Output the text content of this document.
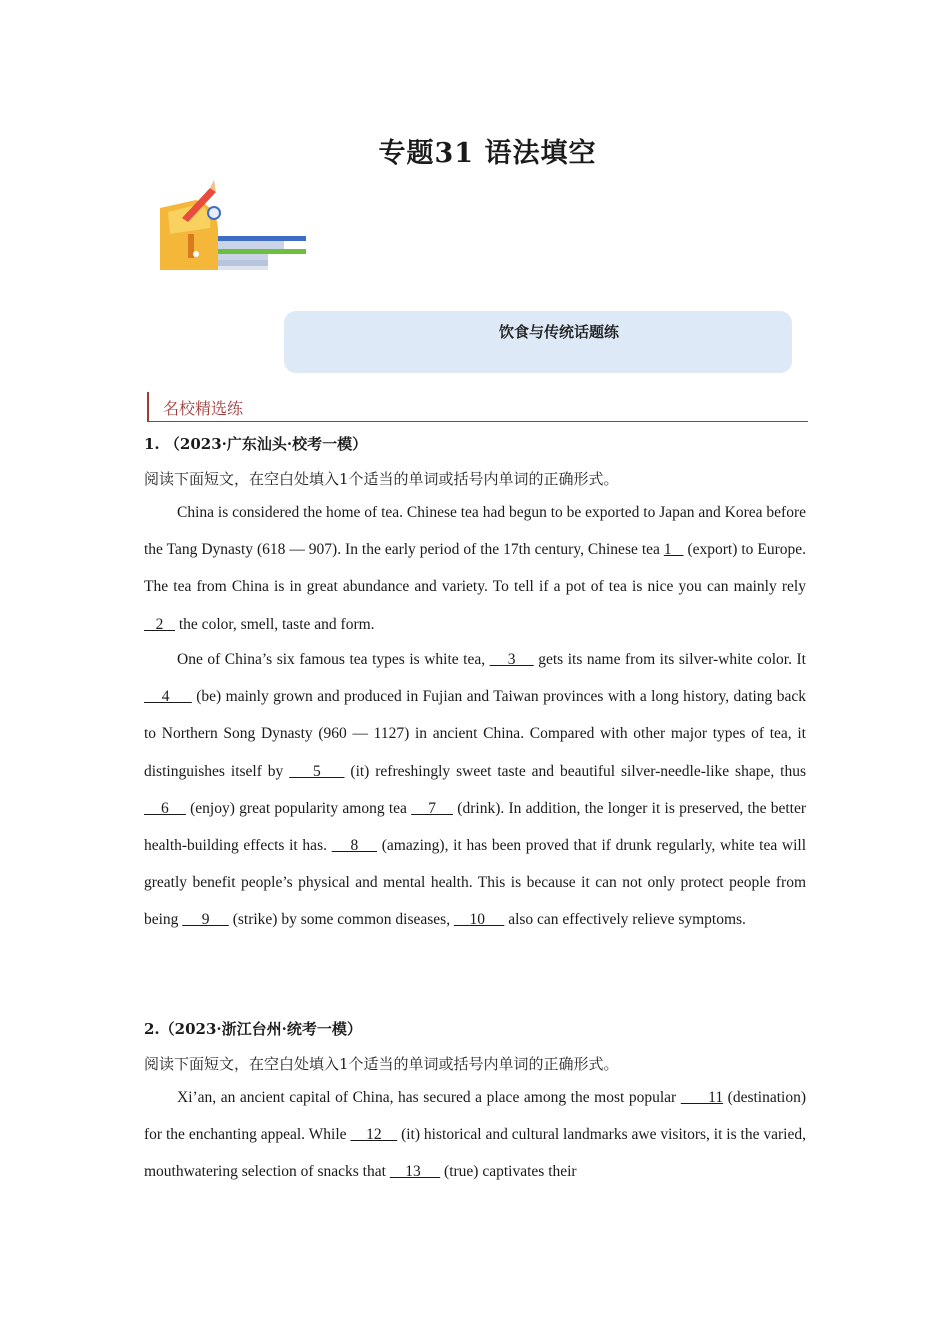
专题31 语法填空
饮食与传统话题练
名校精选练
1. （2023·广东汕头·校考一模）
阅读下面短文，在空白处填入1个适当的单词或括号内单词的正确形式。

China is considered the home of tea. Chinese tea had begun to be exported to Japan and Korea before the Tang Dynasty (618 — 907). In the early period of the 17th century, Chinese tea 1    (export) to Europe. The tea from China is in great abundance and variety. To tell if a pot of tea is nice you can mainly rely    2    the color, smell, taste and form.

One of China’s six famous tea types is white tea,     3     gets its name from its silver-white color. It     4      (be) mainly grown and produced in Fujian and Taiwan provinces with a long history, dating back to Northern Song Dynasty (960 — 1127) in ancient China. Compared with other major types of tea, it distinguishes itself by     5     (it) refreshingly sweet taste and beautiful silver-needle-like shape, thus     6     (enjoy) great popularity among tea     7     (drink). In addition, the longer it is preserved, the better health-building effects it has.     8     (amazing), it has been proved that if drunk regularly, white tea will greatly benefit people’s physical and mental health. This is because it can not only protect people from being      9      (strike) by some common diseases,     10      also can effectively relieve symptoms.

2.（2023·浙江台州·统考一模）
阅读下面短文，在空白处填入1个适当的单词或括号内单词的正确形式。

Xi’an, an ancient capital of China, has secured a place among the most popular       11 (destination) for the enchanting appeal. While     12     (it) historical and cultural landmarks awe visitors, it is the varied, mouthwatering selection of snacks that     13      (true) captivates their
